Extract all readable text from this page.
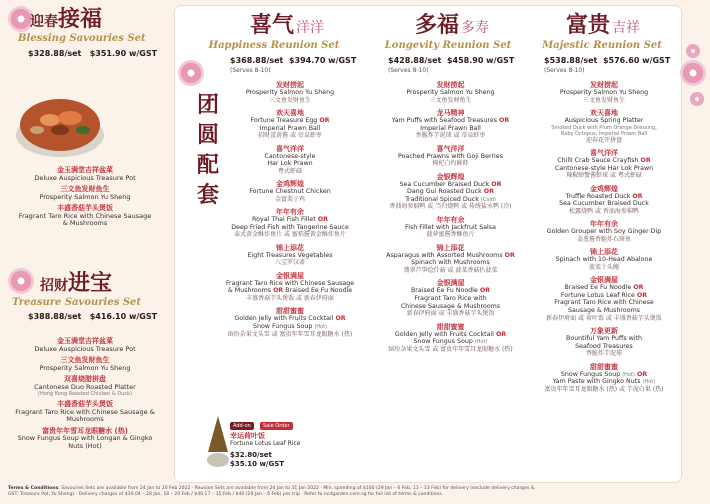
迎春接福
Blessing Savouries Set
$328.88/set $351.90 w/GST
金玉满堂吉祥盆菜
Deluxe Auspicious Treasure Pot
三文鱼发财鱼生
Prosperity Salmon Yu Sheng
丰盛香菇芋头煲饭
Fragrant Taro Rice with Chinese Sausage & Mushrooms
招财进宝
Treasure Savouries Set
$388.88/set $416.10 w/GST
金玉满堂吉祥盆菜
Deluxe Auspicious Treasure Pot
三文鱼发财鱼生
Prosperity Salmon Yu Sheng
双喜烧腊拼盘
Cantonese Duo Roasted Platter
(Hong Kong Roasted Chicken & Duck)
丰盛香菇芋头煲饭
Fragrant Taro Rice with Chinese Sausage & Mushrooms
富贵年年雪耳龙眼糖水 (热)
Snow Fungus Soup with Longan & Gingko Nuts (Hot)
团
圆
配
套
喜气 洋洋
Happiness Reunion Set
$368.88/set $394.70 w/GST
(Serves 8-10)
发财捞起
Prosperity Salmon Yu Sheng
三文鱼发财鱼生
欢天喜地
Fortune Treasure Egg OR
Imperial Prawn Ball
招财蛋黄酱 或 帝皇虾枣
喜气洋洋
Cantonese-style
Har Lok Prawn
粤式虾碌
金鸡辉煌
Fortune Chestnut Chicken
金富栗子鸡
年年有余
Royal Thai Fish Fillet OR
Deep Fried Fish with Tangerine Sauce
泰式黄金酥炸鱼片 或 蜜桔酱黄金酥炸鱼片
锦上添花
Eight Treasures Vegetables
八宝罗汉斋
金银满屋
Fragrant Taro Rice with Chinese Sausage
& Mushrooms OR Braised Ee Fu Noodle
丰盛香菇芋头煲饭 或 新春伊府面
甜甜蜜蜜
Golden Jelly with Fruits Cocktail OR
Snow Fungus Soup (Hot)
缤纷杂果文头雪 或 富贵年年雪耳龙眼糖水 (热)
多福 多寿
Longevity Reunion Set
$428.88/set $458.90 w/GST
(Serves 8-10)
发财捞起
Prosperity Salmon Yu Sheng
三文鱼发财鱼生
龙马精神
Yam Puffs with Seafood Treasures OR
Imperial Prawn Ball
香脆炸芋泥球 或 帝皇虾枣
喜气洋洋
Poached Prawns with Goji Berries
枸杞白灼鲜虾
金银辉煌
Sea Cucumber Braised Duck OR
Dang Gui Roasted Duck OR
Traditional Spiced Duck (Cold)
香油海参焖鸭 或 当归烧鸭 或 传统盐水鸭 (冷)
年年有余
Fish Fillet with Jackfruit Salsa
菠萝蜜酱香酥鱼片
锦上添花
Asparagus with Assorted Mushrooms OR
Spinach with Mushrooms
翡翠芦笋烩什菇 或 菠菜香菇扒菠菜
金银满屋
Braised Ee Fu Noodle OR
Fragrant Taro Rice with
Chinese Sausage & Mushrooms
新春伊府面 或 丰盛香菇芋头煲饭
甜甜蜜蜜
Golden Jelly with Fruits Cocktail OR
Snow Fungus Soup (Hot)
缤纷杂果文头雪 或 富贵年年雪耳龙眼糖水 (热)
富贵 吉祥
Majestic Reunion Set
$538.88/set $576.60 w/GST
(Serves 8-10)
发财捞起
Prosperity Salmon Yu Sheng
三文鱼发财鱼生
欢天喜地
Auspicious Spring Platter
Smoked Duck with Plum Orange Dressing, Baby Octopus, Imperial Prawn Ball
迎春花开拼盘
喜气洋洋
Chilli Crab Sauce Crayfish OR
Cantonese-style Har Lok Prawn
辣椒螃蟹酱虾球 或 粤式虾碌
金鸡辉煌
Truffle Roasted Duck OR
Sea Cucumber Braised Duck
松露烧鸭 或 香油海参焖鸭
年年有余
Golden Grouper with Soy Ginger Dip
姜葱酱香脆炸石斑鱼
锦上添花
Spinach with 10-Head Abalone
菠菜十头鲍
金银满屋
Braised Ee Fu Noodle OR
Fortune Lotus Leaf Rice OR
Fragrant Taro Rice with Chinese Sausage & Mushrooms
新春伊府面 或 荷叶饭 或 丰盛香菇芋头煲饭
万象更新
Bountiful Yam Puffs with
Seafood Treasures
香脆炸芋泥球
甜甜蜜蜜
Snow Fungus Soup (Hot) OR
Yam Paste with Gingko Nuts (Hot)
富贵年年雪耳龙眼糖水 (热) 或 芋泥白果 (热)
Add-on	Sale Order
幸运荷叶饭
Fortune Lotus Leaf Rice
$32.80/set
$35.10 w/GST
Terms & Conditions: Savouries Sets are available from 24 Jan to 20 Feb 2022 · Reunion Sets are available from 24 Jan to 31 Jan 2022 · Min. spending of $100 (29 Jan – 6 Feb, 11 – 13 Feb) for delivery (exclude delivery charges &
GST; Treasure Pot, Yu Sheng) · Delivery charges of $30.04 – 28 Jan, 18 – 20 Feb / $40.17 – 15 Feb / $40 (29 Jan – 6 Feb) per trip · Refer to ncdgarden.com.sg for full list of terms & conditions.
